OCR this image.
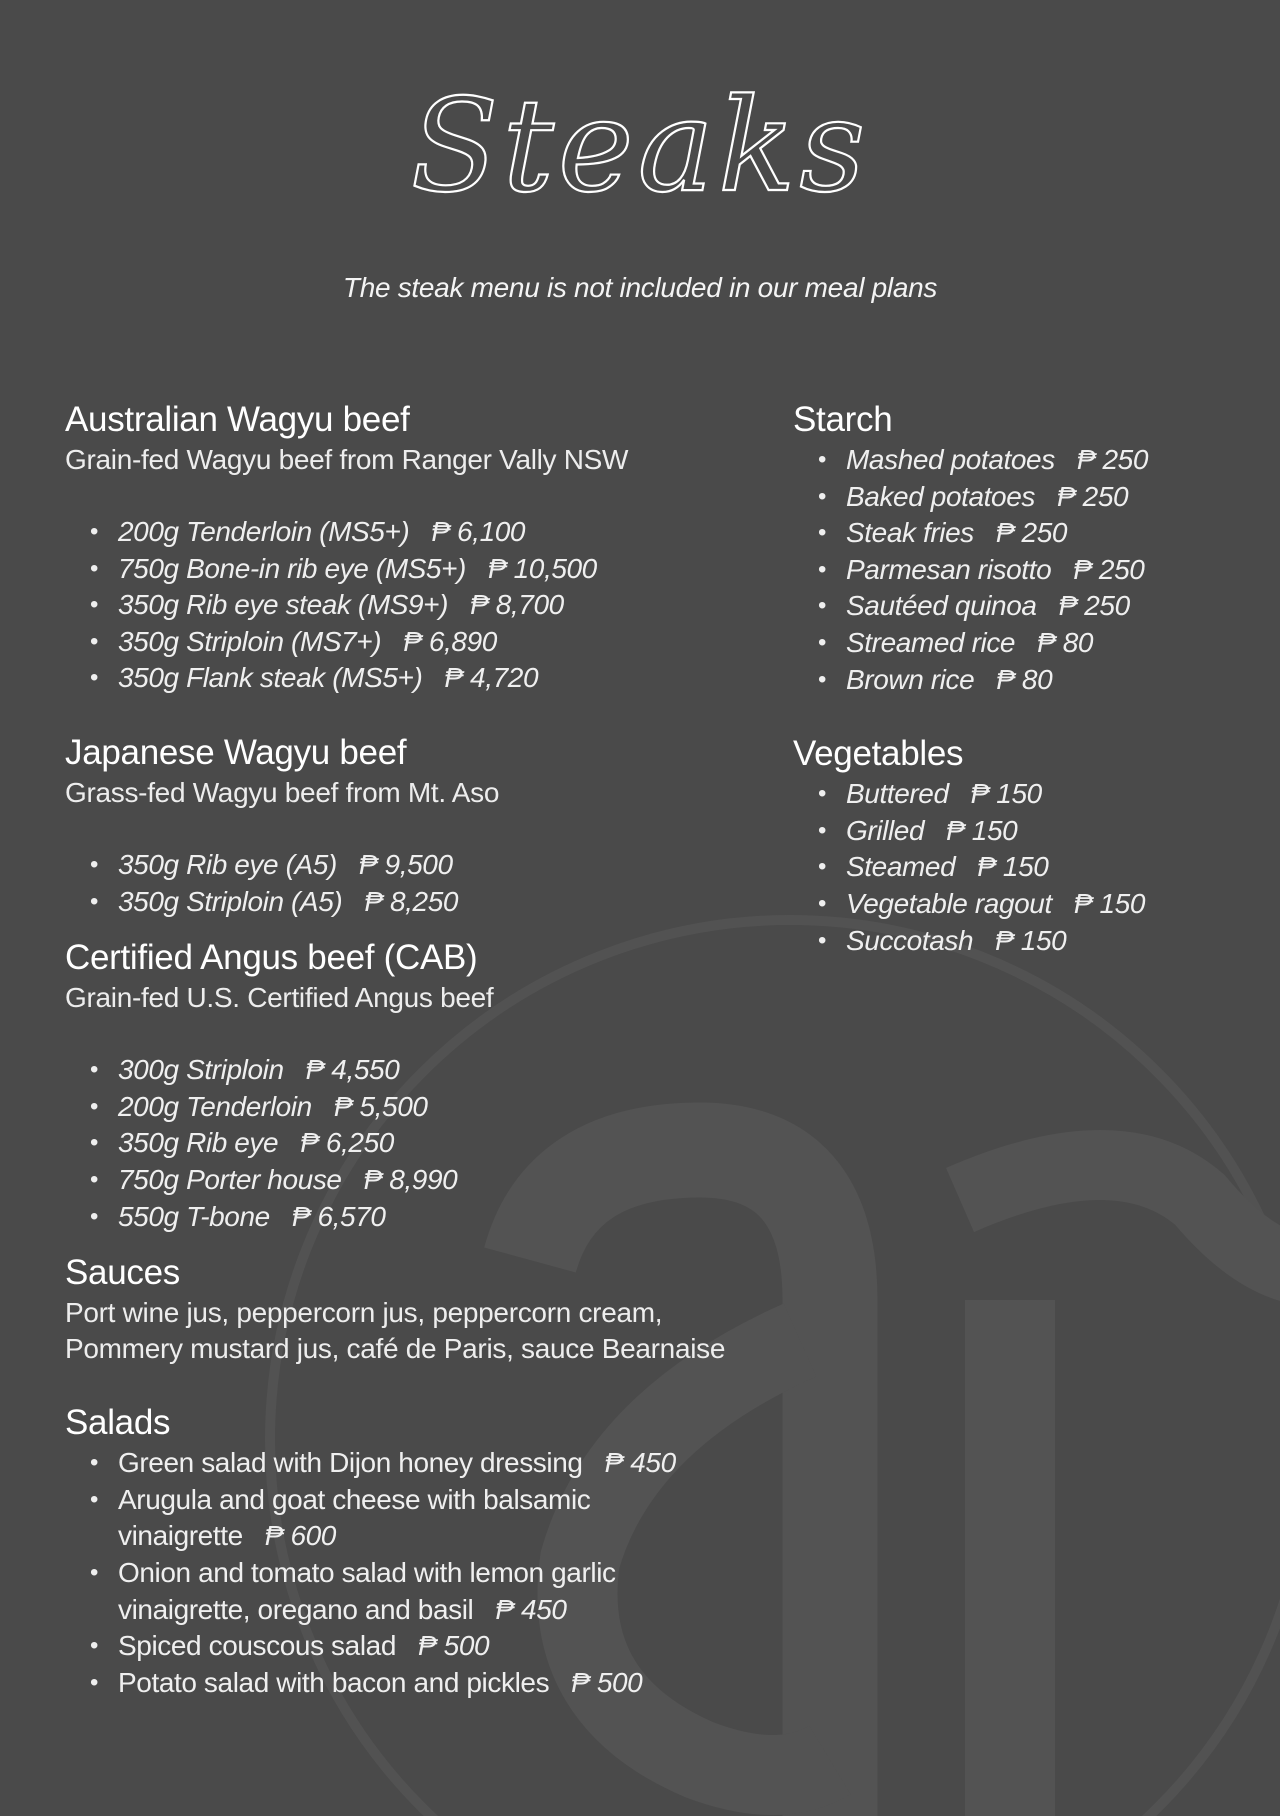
Steaks
The steak menu is not included in our meal plans
Australian Wagyu beef
Grain-fed Wagyu beef from Ranger Vally NSW
• 200g Tenderloin (MS5+) ₱ 6,100
• 750g Bone-in rib eye (MS5+) ₱ 10,500
• 350g Rib eye steak (MS9+) ₱ 8,700
• 350g Striploin (MS7+) ₱ 6,890
• 350g Flank steak (MS5+) ₱ 4,720
Japanese Wagyu beef
Grass-fed Wagyu beef from Mt. Aso
• 350g Rib eye (A5) ₱ 9,500
• 350g Striploin (A5) ₱ 8,250
Certified Angus beef (CAB)
Grain-fed U.S. Certified Angus beef
• 300g Striploin ₱ 4,550
• 200g Tenderloin ₱ 5,500
• 350g Rib eye ₱ 6,250
• 750g Porter house ₱ 8,990
• 550g T-bone ₱ 6,570
Sauces
Port wine jus, peppercorn jus, peppercorn cream,
Pommery mustard jus, café de Paris, sauce Bearnaise
Salads
• Green salad with Dijon honey dressing ₱ 450
• Arugula and goat cheese with balsamic vinaigrette ₱ 600
• Onion and tomato salad with lemon garlic vinaigrette, oregano and basil ₱ 450
• Spiced couscous salad ₱ 500
• Potato salad with bacon and pickles ₱ 500
Starch
• Mashed potatoes ₱ 250
• Baked potatoes ₱ 250
• Steak fries ₱ 250
• Parmesan risotto ₱ 250
• Sautéed quinoa ₱ 250
• Streamed rice ₱ 80
• Brown rice ₱ 80
Vegetables
• Buttered ₱ 150
• Grilled ₱ 150
• Steamed ₱ 150
• Vegetable ragout ₱ 150
• Succotash ₱ 150
